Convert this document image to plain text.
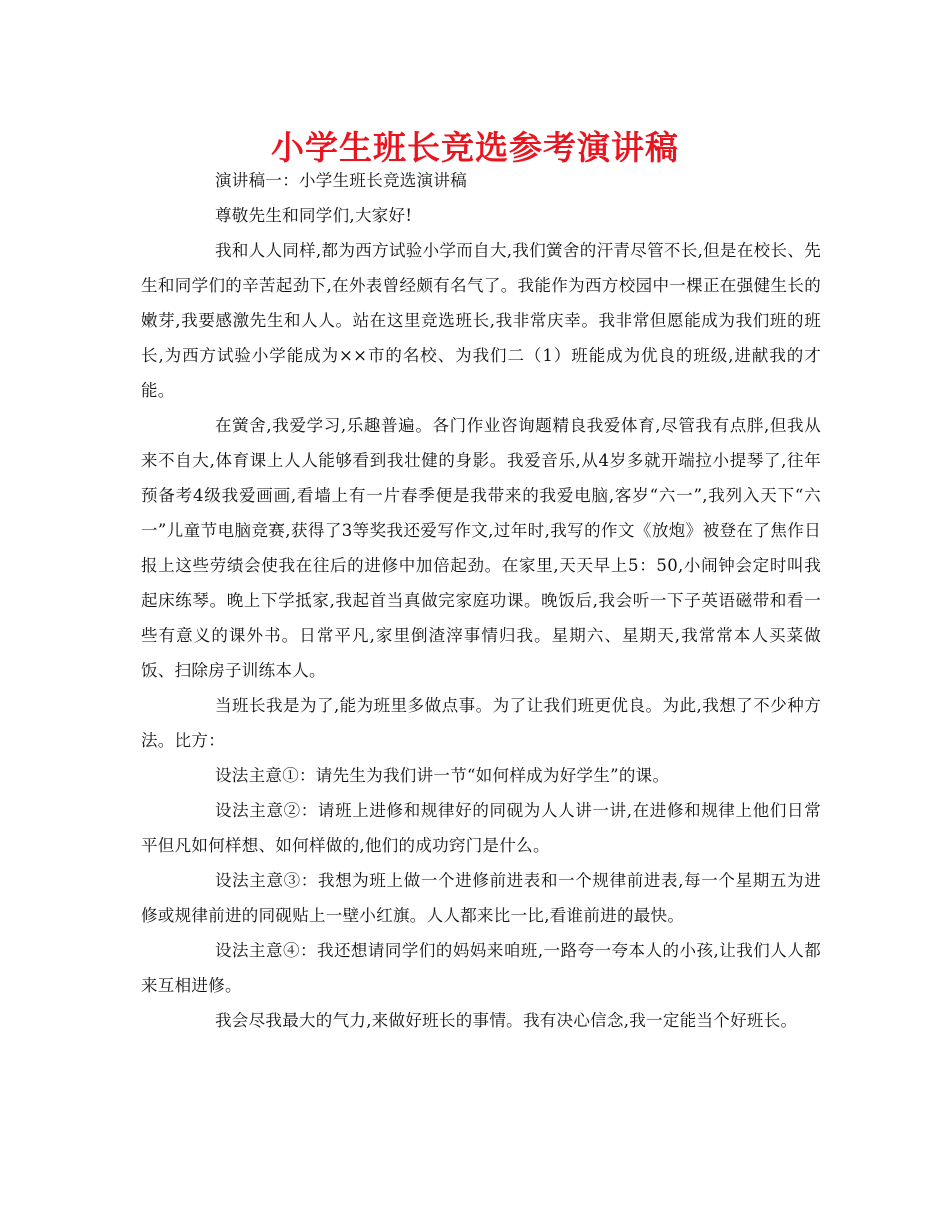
小学生班长竞选参考演讲稿

演讲稿一：小学生班长竞选演讲稿

尊敬先生和同学们,大家好!

我和人人同样,都为西方试验小学而自大,我们黉舍的汗青尽管不长,但是在校长、先生和同学们的辛苦起劲下,在外表曾经颇有名气了。我能作为西方校园中一棵正在强健生长的嫩芽,我要感激先生和人人。站在这里竞选班长,我非常庆幸。我非常但愿能成为我们班的班长,为西方试验小学能成为××市的名校、为我们二（1）班能成为优良的班级,进献我的才能。

在黉舍,我爱学习,乐趣普遍。各门作业咨询题精良我爱体育,尽管我有点胖,但我从来不自大,体育课上人人能够看到我壮健的身影。我爱音乐,从4岁多就开端拉小提琴了,往年预备考4级我爱画画,看墙上有一片春季便是我带来的我爱电脑,客岁“六一”,我列入天下“六一”儿童节电脑竞赛,获得了3等奖我还爱写作文,过年时,我写的作文《放炮》被登在了焦作日报上这些劳绩会使我在往后的进修中加倍起劲。在家里,天天早上5：50,小闹钟会定时叫我起床练琴。晚上下学抵家,我起首当真做完家庭功课。晚饭后,我会听一下子英语磁带和看一些有意义的课外书。日常平凡,家里倒渣滓事情归我。星期六、星期天,我常常本人买菜做饭、扫除房子训练本人。

当班长我是为了,能为班里多做点事。为了让我们班更优良。为此,我想了不少种方法。比方：

设法主意①：请先生为我们讲一节“如何样成为好学生”的课。

设法主意②：请班上进修和规律好的同砚为人人讲一讲,在进修和规律上他们日常平但凡如何样想、如何样做的,他们的成功窍门是什么。

设法主意③：我想为班上做一个进修前进表和一个规律前进表,每一个星期五为进修或规律前进的同砚贴上一壁小红旗。人人都来比一比,看谁前进的最快。

设法主意④：我还想请同学们的妈妈来咱班,一路夸一夸本人的小孩,让我们人人都来互相进修。

我会尽我最大的气力,来做好班长的事情。我有决心信念,我一定能当个好班长。
